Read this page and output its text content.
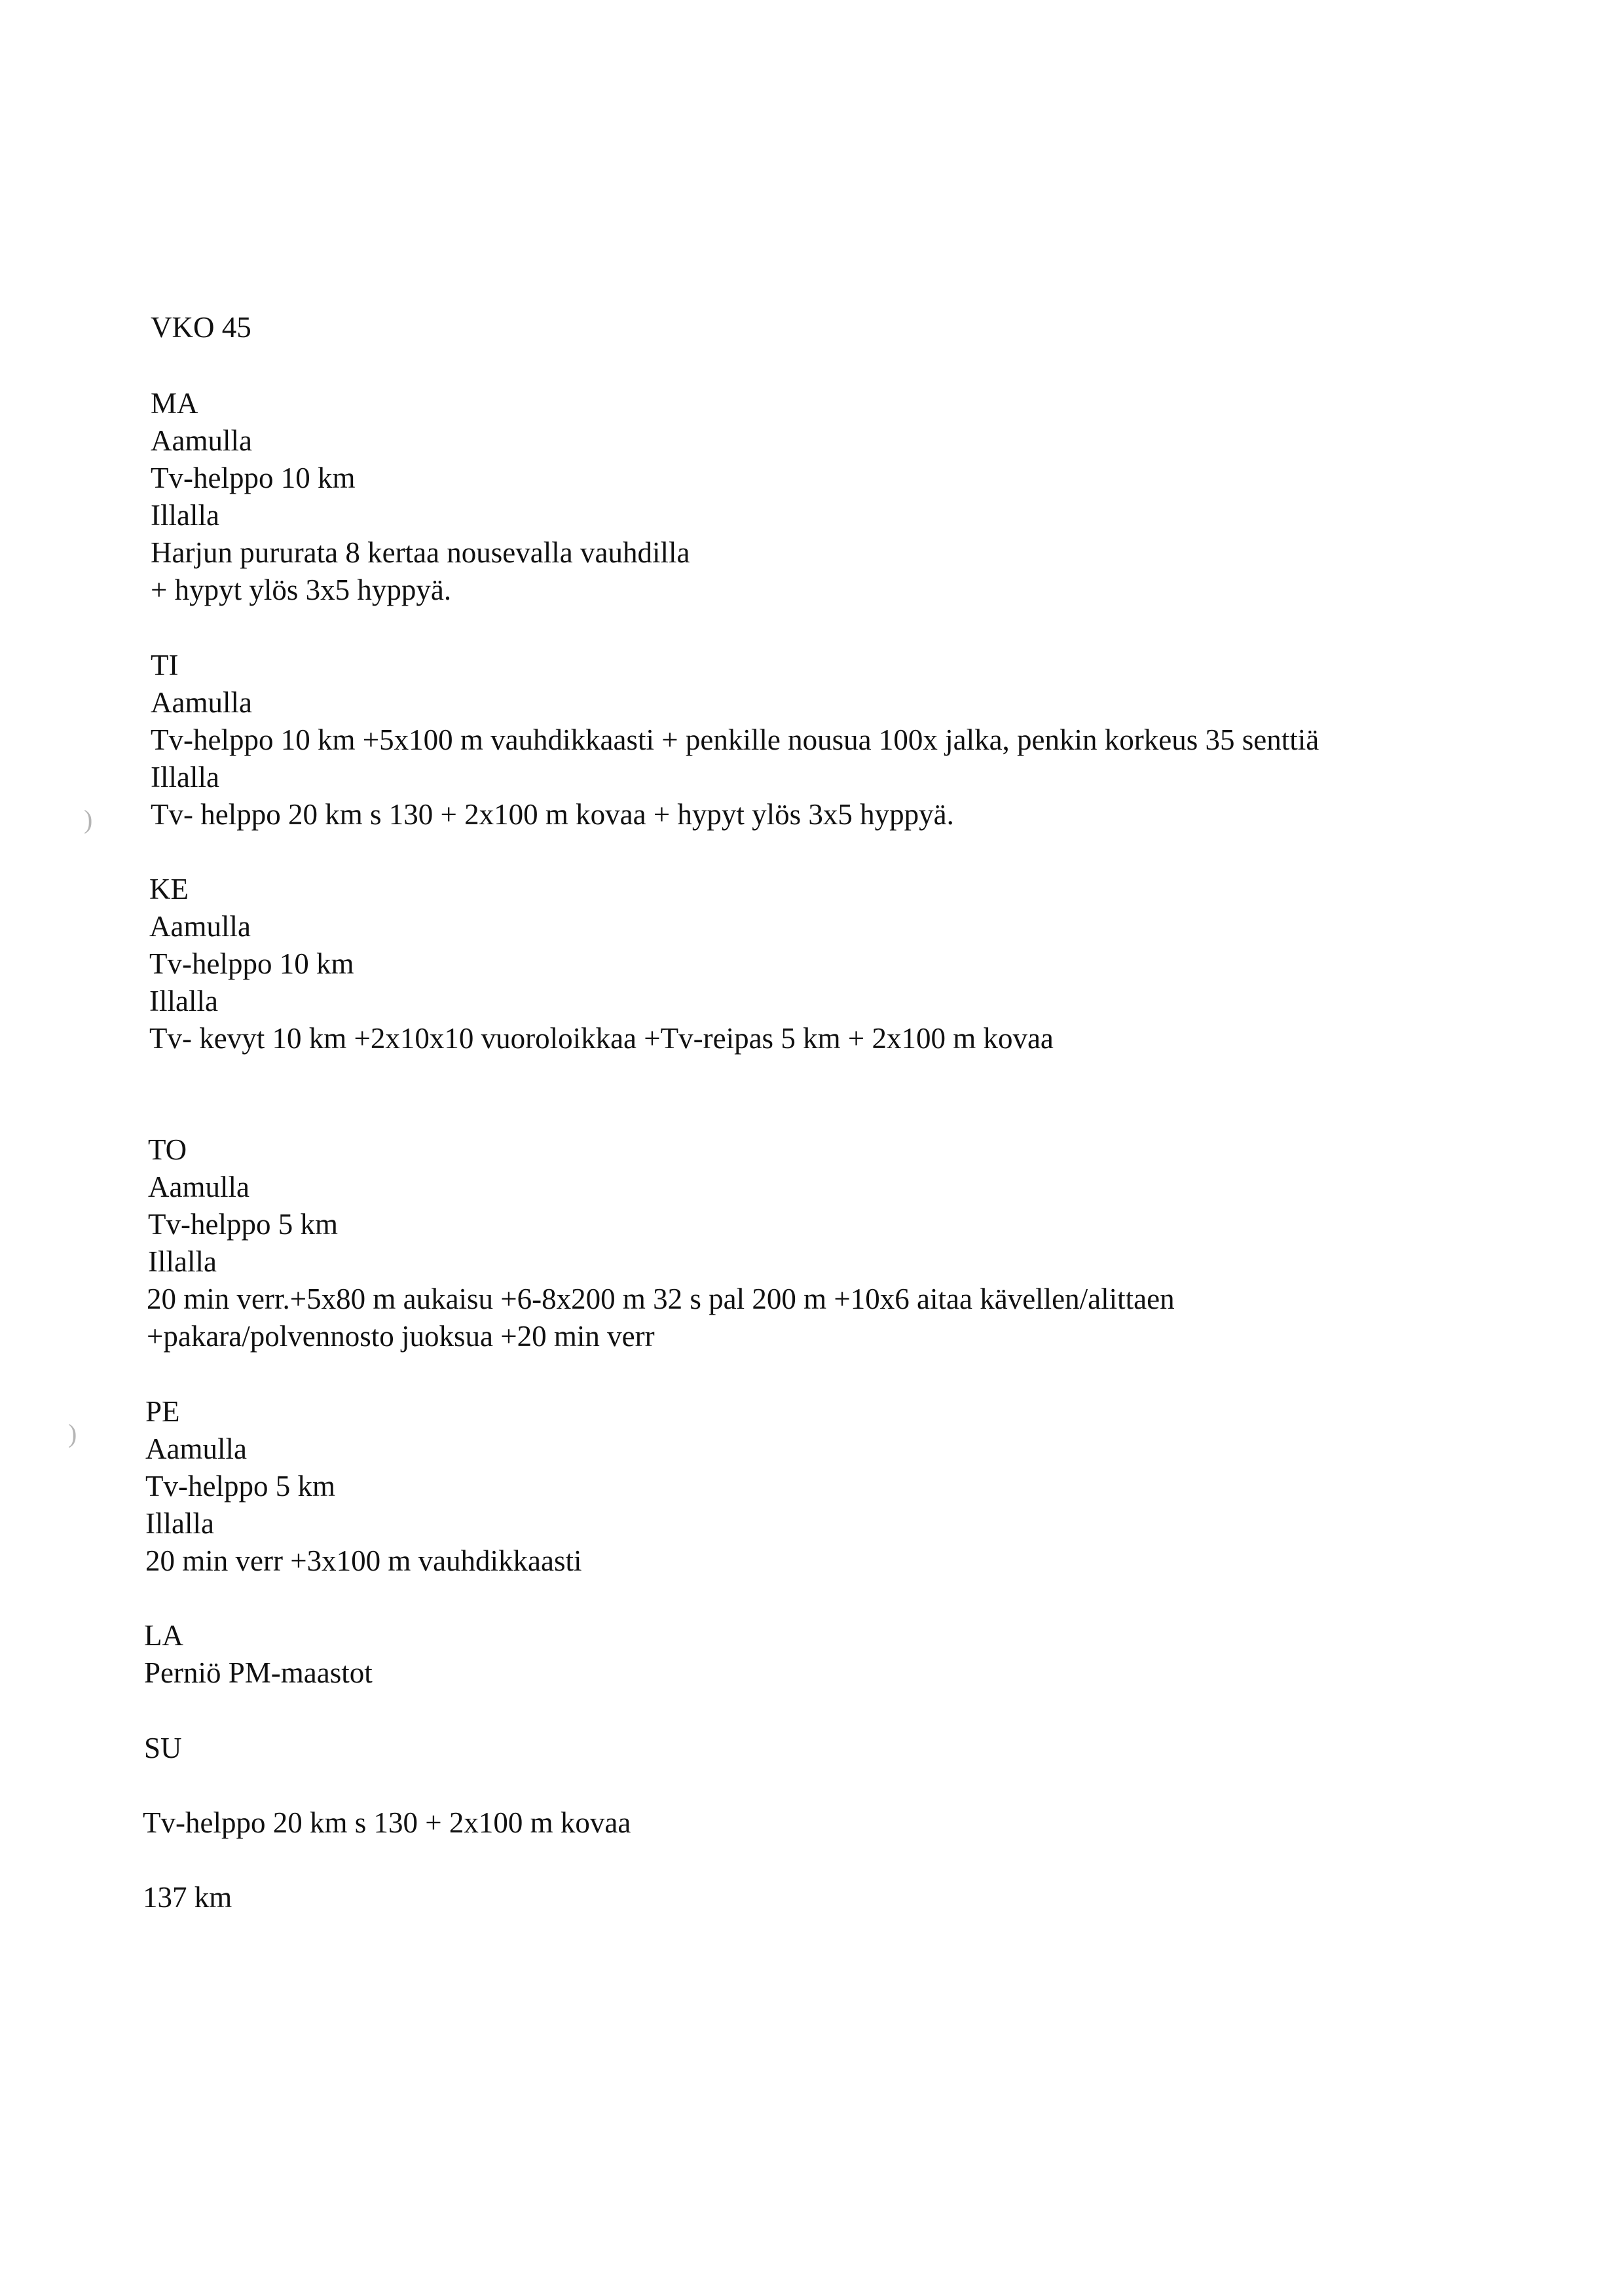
VKO 45

MA

Aamulla

Tv-helppo 10 km

Illalla

Harjun pururata 8 kertaa nousevalla vauhdilla

+ hypyt ylös 3x5 hyppyä.

TI

Aamulla

Tv-helppo 10 km +5x100 m vauhdikkaasti + penkille nousua 100x jalka, penkin korkeus 35 senttiä

Illalla

Tv- helppo 20 km s 130 + 2x100 m kovaa + hypyt ylös 3x5 hyppyä.

KE

Aamulla

Tv-helppo 10 km

Illalla

Tv- kevyt 10 km +2x10x10 vuoroloikkaa +Tv-reipas 5 km + 2x100 m kovaa

TO

Aamulla

Tv-helppo 5 km

Illalla

20 min verr.+5x80 m aukaisu +6-8x200 m 32 s pal 200 m +10x6 aitaa kävellen/alittaen

+pakara/polvennosto juoksua +20 min verr

PE

Aamulla

Tv-helppo 5 km

Illalla

20 min verr +3x100 m vauhdikkaasti

LA

Perniö PM-maastot

SU

Tv-helppo 20 km s 130 + 2x100 m kovaa

137 km

)
)
